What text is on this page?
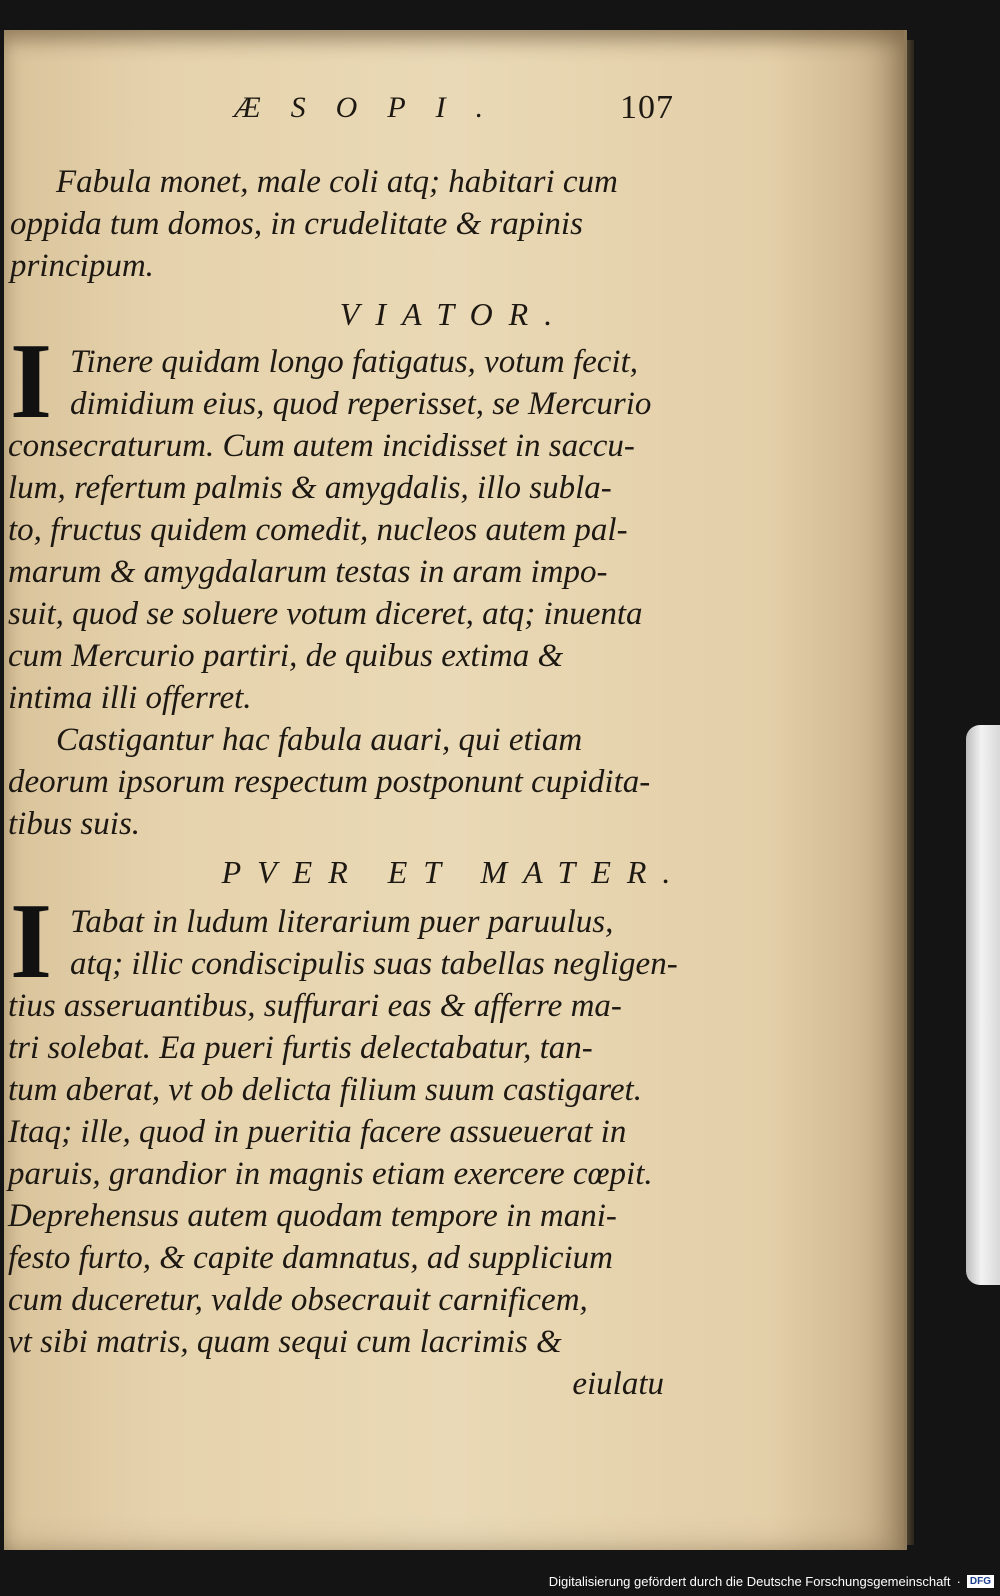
ÆSOPI.	107
Fabula monet, male coli atq; habitari cum
oppida tum domos, in crudelitate & rapinis
principum.
VIATOR.
I Tinere quidam longo fatigatus, votum fecit,
dimidium eius, quod reperisset, se Mercurio
consecraturum. Cum autem incidisset in saccu-
lum, refertum palmis & amygdalis, illo subla-
to, fructus quidem comedit, nucleos autem pal-
marum & amygdalarum testas in aram impo-
suit, quod se soluere votum diceret, atq; inuenta
cum Mercurio partiri, de quibus extima &
intima illi offerret.
Castigantur hac fabula auari, qui etiam
deorum ipsorum respectum postponunt cupidita-
tibus suis.
PVER ET MATER.
I Tabat in ludum literarium puer paruulus,
atq; illic condiscipulis suas tabellas negligen-
tius asseruantibus, suffurari eas & afferre ma-
tri solebat. Ea pueri furtis delectabatur, tan-
tum aberat, vt ob delicta filium suum castigaret.
Itaq; ille, quod in pueritia facere assueuerat in
paruis, grandior in magnis etiam exercere cœpit.
Deprehensus autem quodam tempore in mani-
festo furto, & capite damnatus, ad supplicium
cum duceretur, valde obsecrauit carnificem,
vt sibi matris, quam sequi cum lacrimis &
eiulatu
Digitalisierung gefördert durch die Deutsche Forschungsgemeinschaft · DFG
